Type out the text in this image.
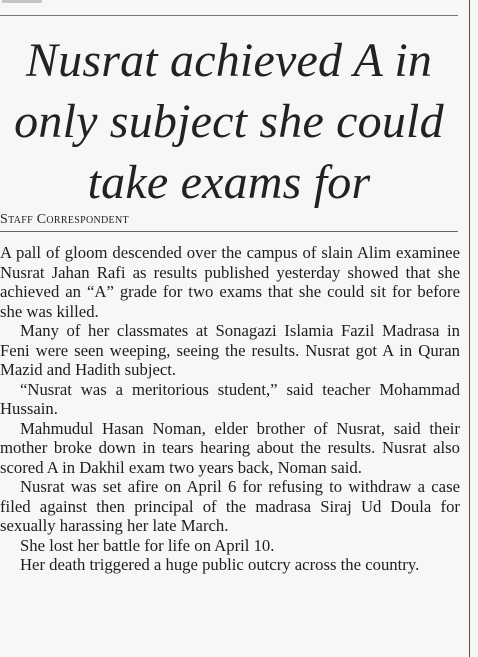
Nusrat achieved A in
only subject she could
take exams for
Staff Correspondent

A pall of gloom descended over the campus of slain Alim examinee Nusrat Jahan Rafi as results published yesterday showed that she achieved an “A” grade for two exams that she could sit for before she was killed.

Many of her classmates at Sonagazi Islamia Fazil Madrasa in Feni were seen weeping, seeing the results. Nusrat got A in Quran Mazid and Hadith subject.

“Nusrat was a meritorious student,” said teacher Mohammad Hussain.

Mahmudul Hasan Noman, elder brother of Nusrat, said their mother broke down in tears hearing about the results. Nusrat also scored A in Dakhil exam two years back, Noman said.

Nusrat was set afire on April 6 for refusing to withdraw a case filed against then principal of the madrasa Siraj Ud Doula for sexually harassing her late March.

She lost her battle for life on April 10.

Her death triggered a huge public outcry across the country.
